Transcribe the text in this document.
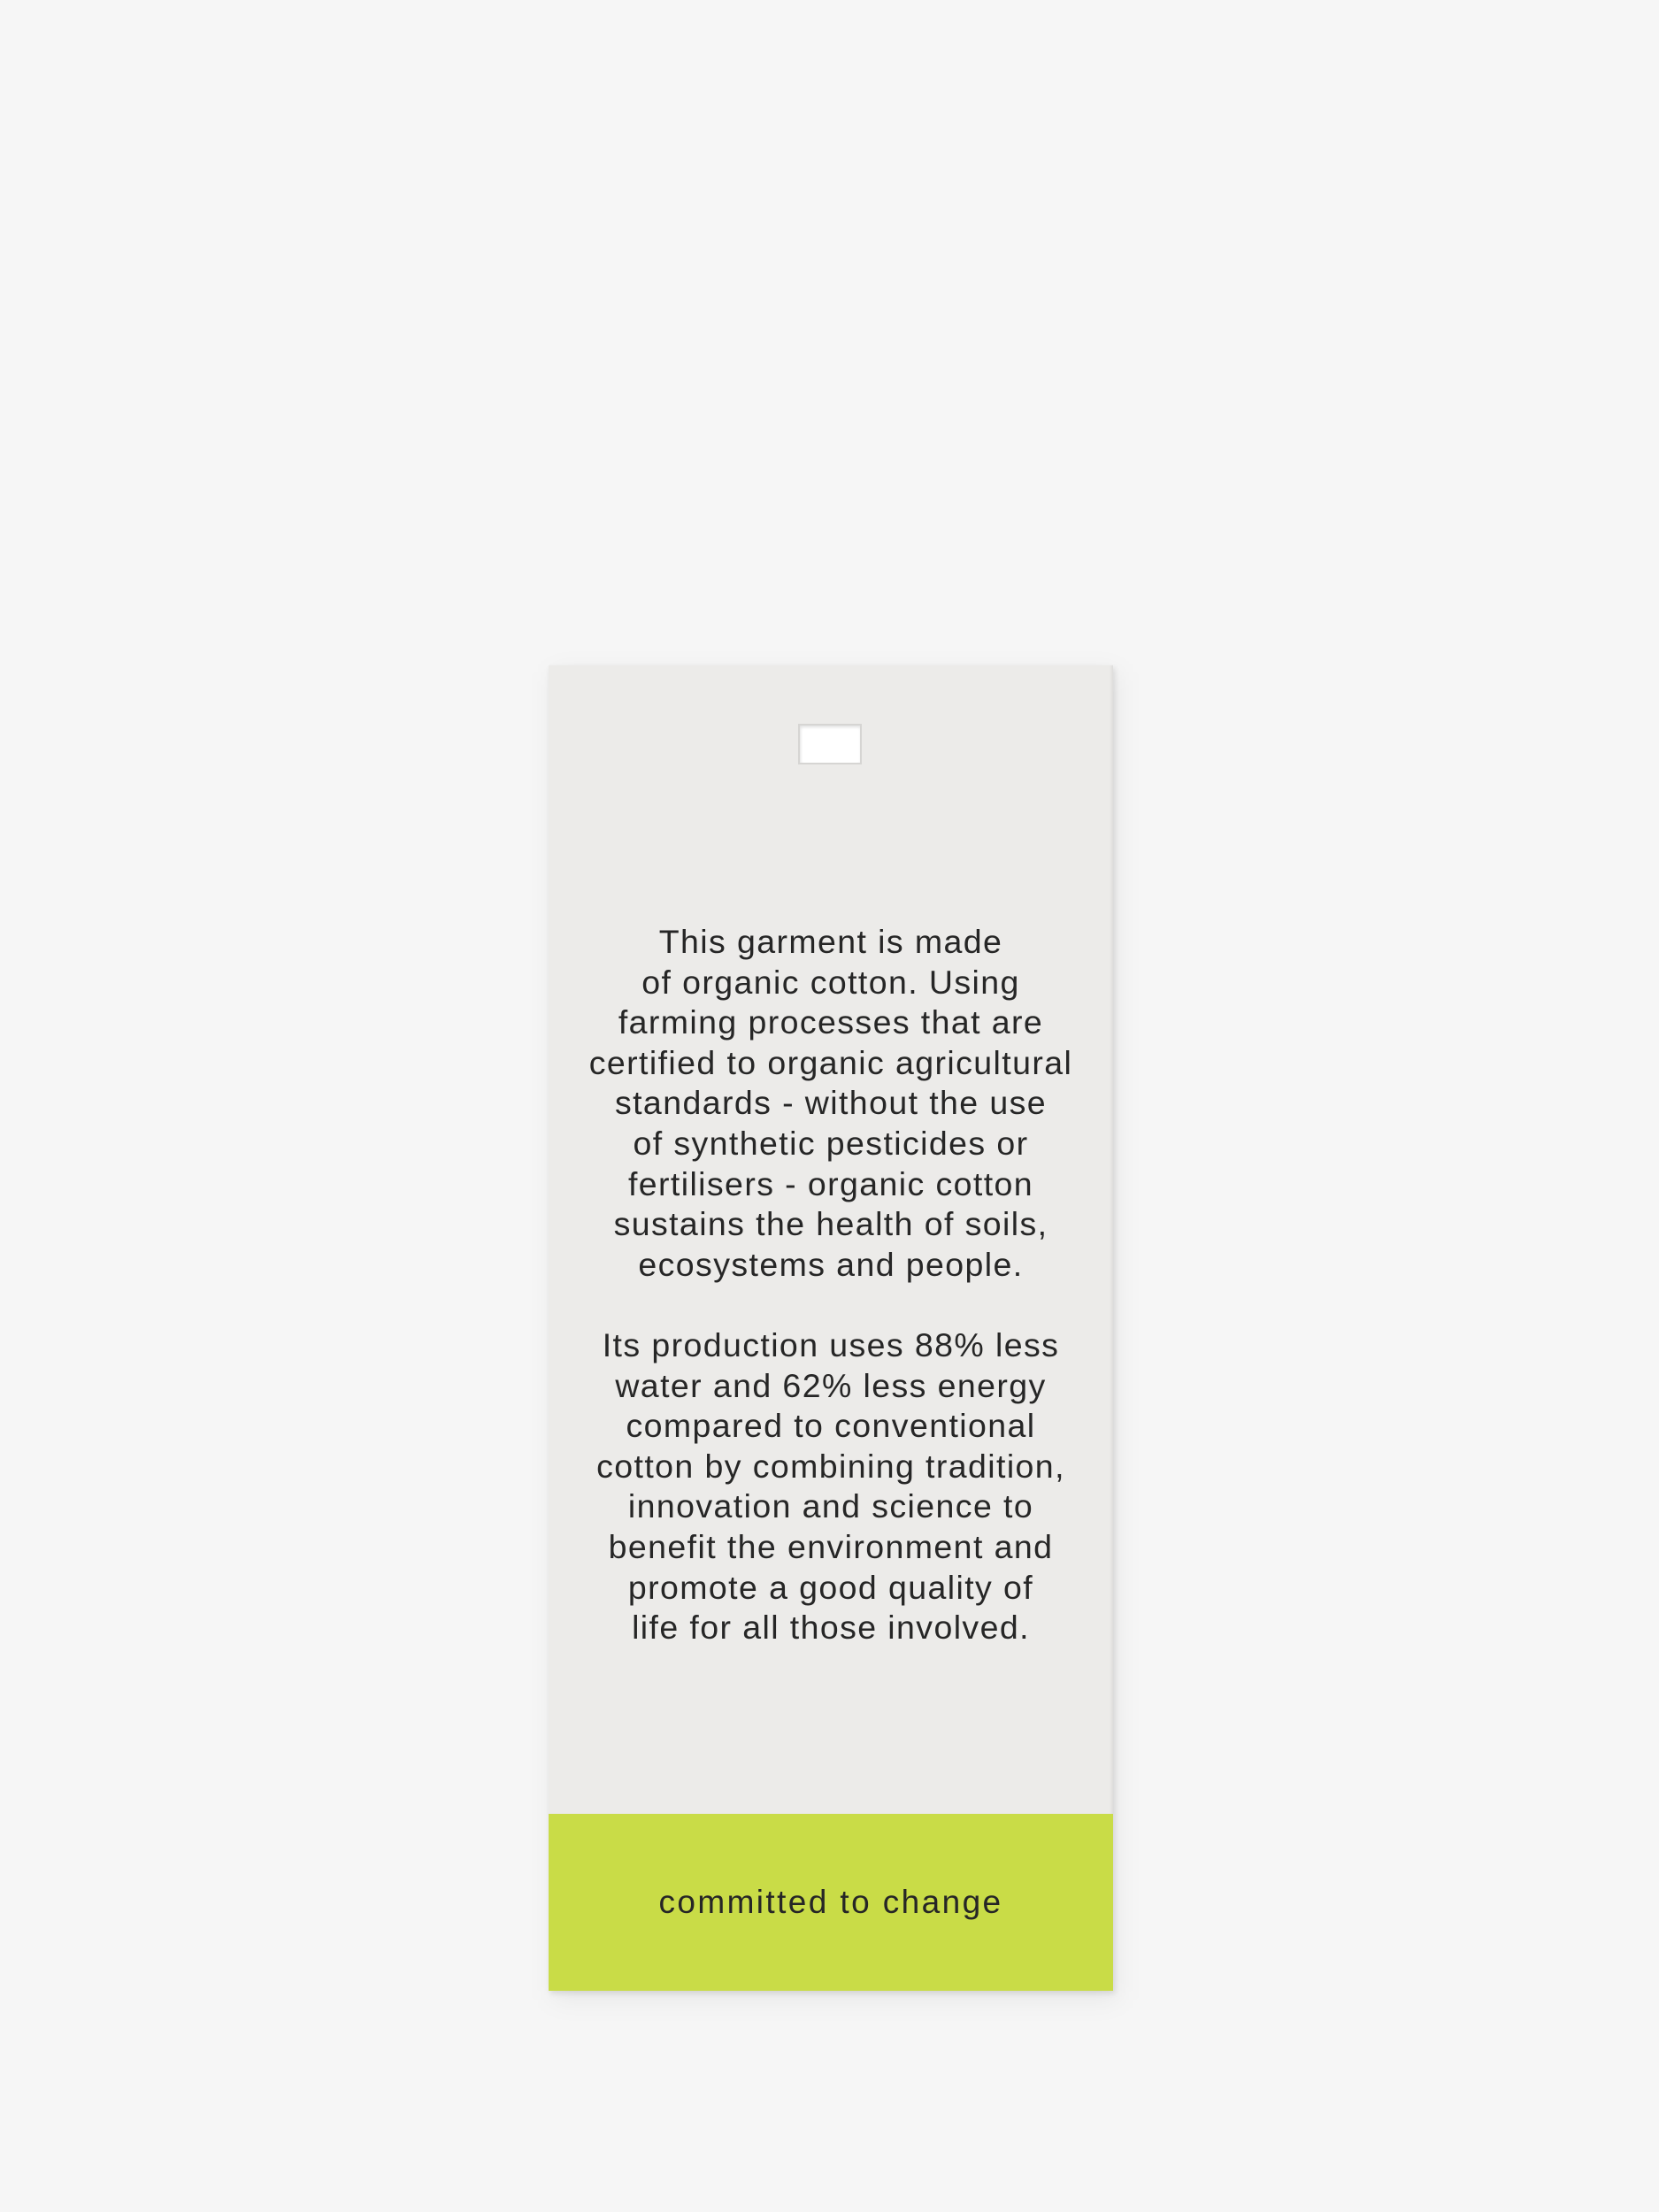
This garment is made
of organic cotton. Using
farming processes that are
certified to organic agricultural
standards - without the use
of synthetic pesticides or
fertilisers - organic cotton
sustains the health of soils,
ecosystems and people.

Its production uses 88% less
water and 62% less energy
compared to conventional
cotton by combining tradition,
innovation and science to
benefit the environment and
promote a good quality of
life for all those involved.

committed to change
